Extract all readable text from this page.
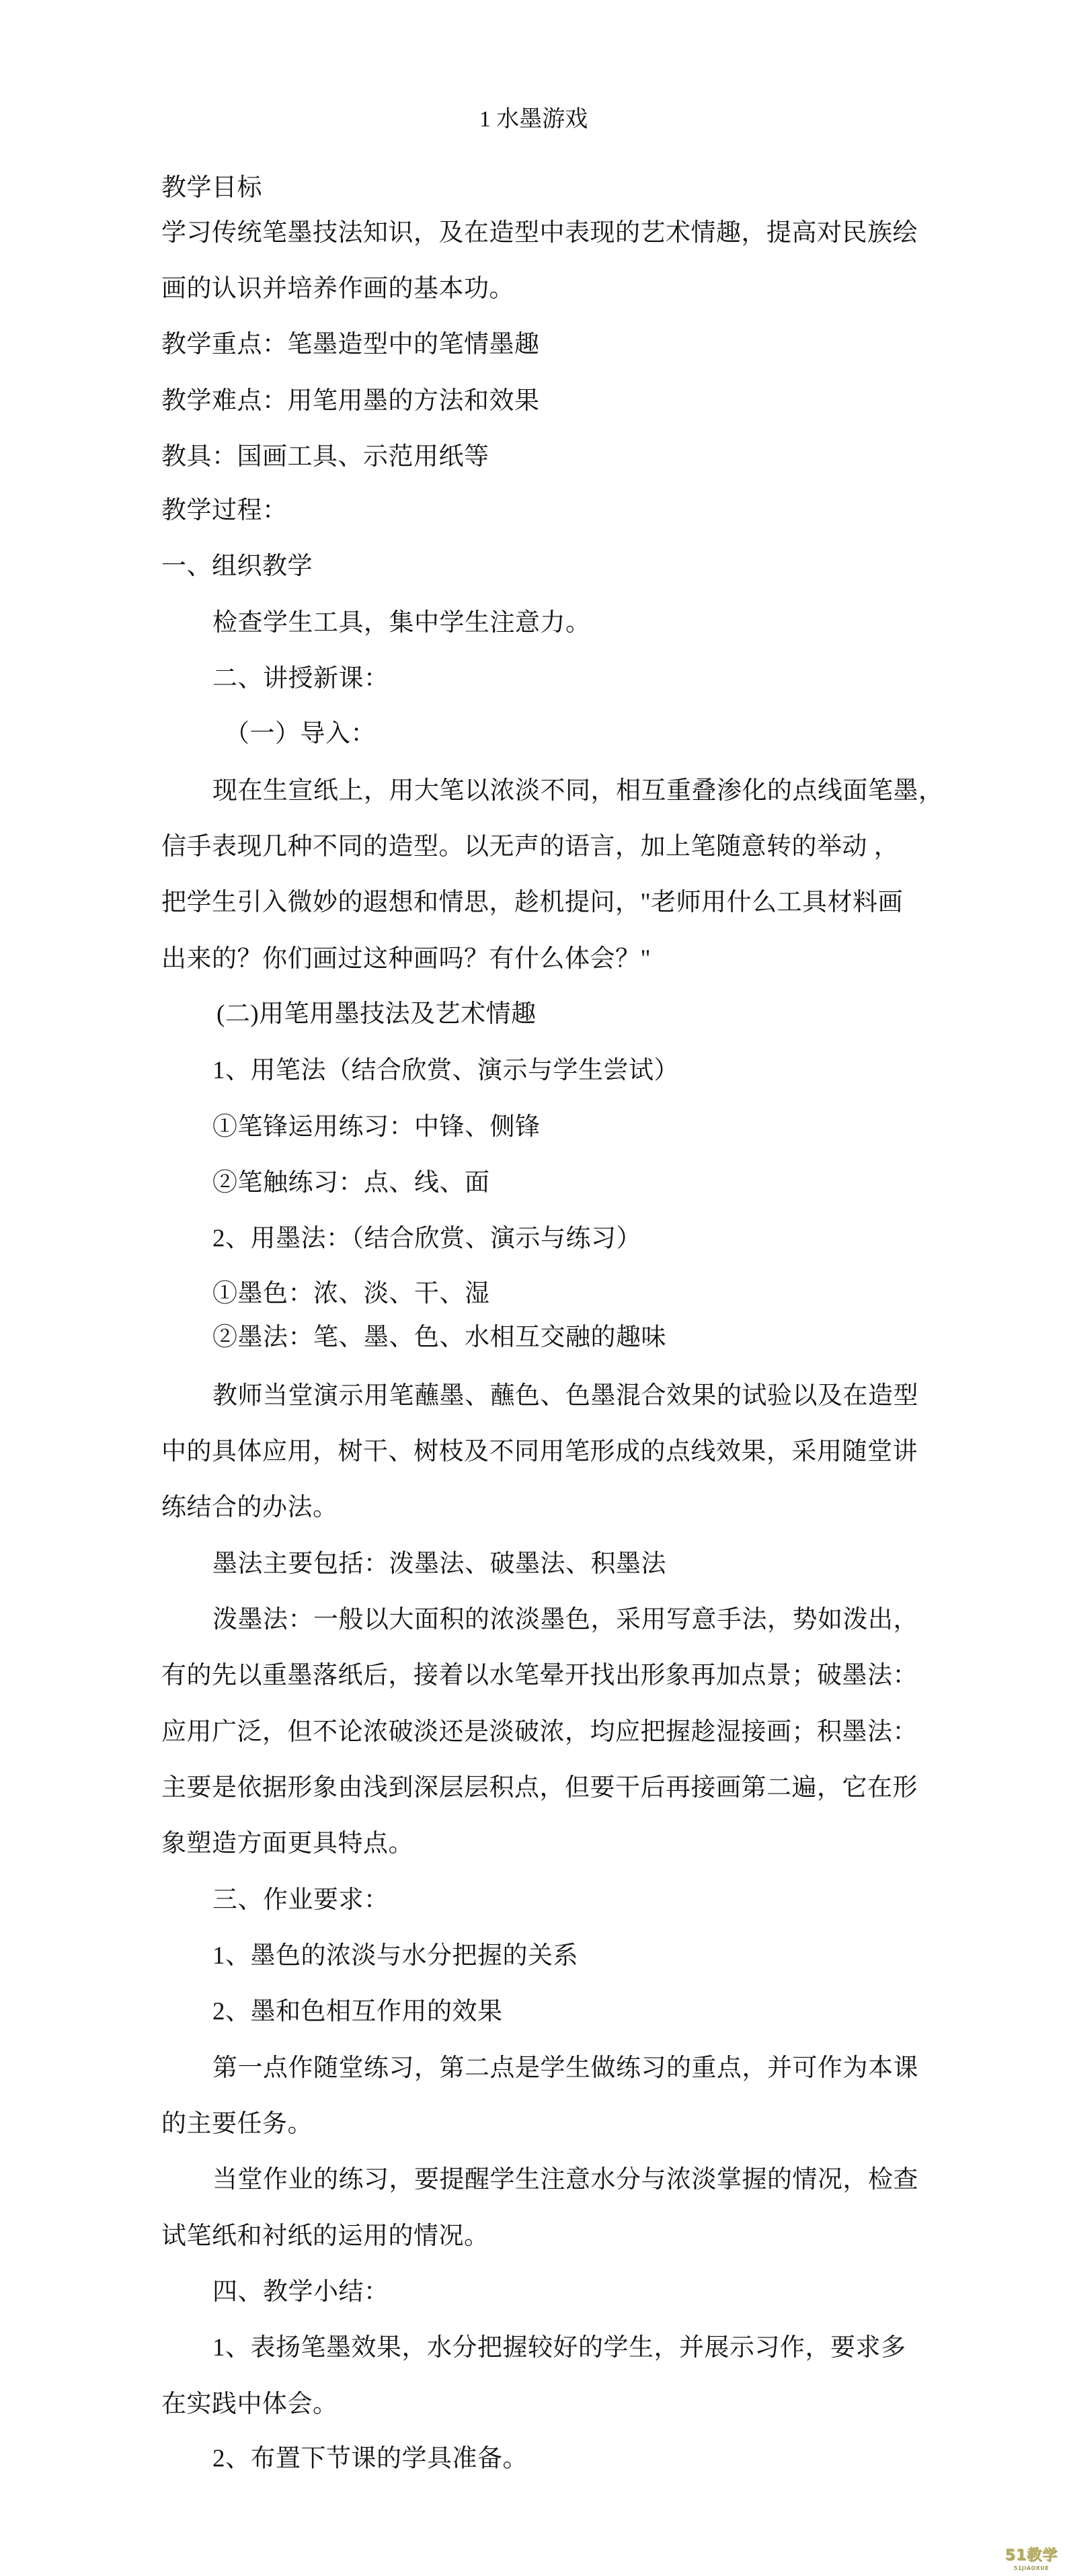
1 水墨游戏
教学目标
学习传统笔墨技法知识，及在造型中表现的艺术情趣，提高对民族绘
画的认识并培养作画的基本功。
教学重点：笔墨造型中的笔情墨趣
教学难点：用笔用墨的方法和效果
教具：国画工具、示范用纸等
教学过程：
一、组织教学
检查学生工具，集中学生注意力。
二、讲授新课：
（一）导入：
现在生宣纸上，用大笔以浓淡不同，相互重叠渗化的点线面笔墨，
信手表现几种不同的造型。以无声的语言，加上笔随意转的举动 ，
把学生引入微妙的遐想和情思，趁机提问，"老师用什么工具材料画
出来的？你们画过这种画吗？有什么体会？"
(二)用笔用墨技法及艺术情趣
1、用笔法（结合欣赏、演示与学生尝试）
①笔锋运用练习：中锋、侧锋
②笔触练习：点、线、面
2、用墨法：（结合欣赏、演示与练习）
①墨色：浓、淡、干、湿
②墨法：笔、墨、色、水相互交融的趣味
教师当堂演示用笔蘸墨、蘸色、色墨混合效果的试验以及在造型
中的具体应用，树干、树枝及不同用笔形成的点线效果，采用随堂讲
练结合的办法。
墨法主要包括：泼墨法、破墨法、积墨法
泼墨法：一般以大面积的浓淡墨色，采用写意手法，势如泼出，
有的先以重墨落纸后，接着以水笔晕开找出形象再加点景；破墨法：
应用广泛，但不论浓破淡还是淡破浓，均应把握趁湿接画；积墨法：
主要是依据形象由浅到深层层积点，但要干后再接画第二遍，它在形
象塑造方面更具特点。
三、作业要求：
1、墨色的浓淡与水分把握的关系
2、墨和色相互作用的效果
第一点作随堂练习，第二点是学生做练习的重点，并可作为本课
的主要任务。
当堂作业的练习，要提醒学生注意水分与浓淡掌握的情况，检查
试笔纸和衬纸的运用的情况。
四、教学小结：
1、表扬笔墨效果，水分把握较好的学生，并展示习作，要求多
在实践中体会。
2、布置下节课的学具准备。
51教学
51JIAOXUE
